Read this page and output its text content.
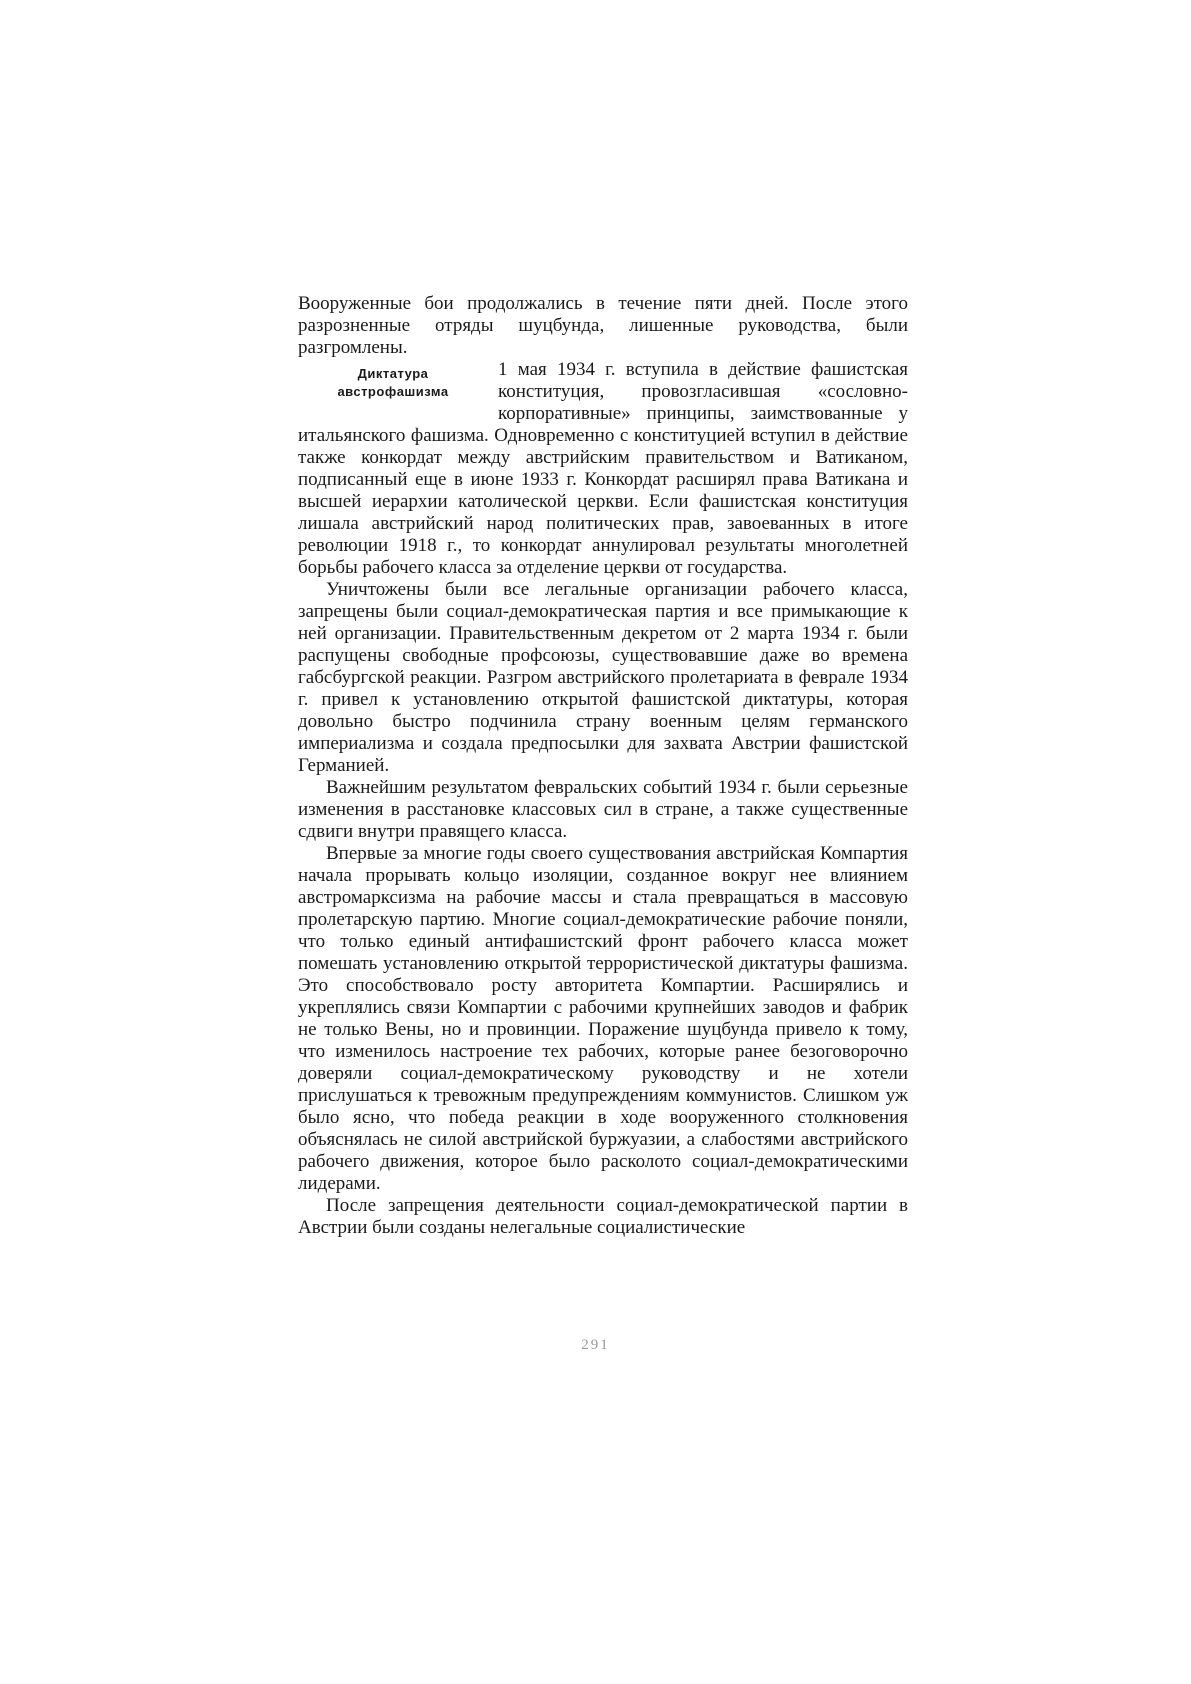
Вооруженные бои продолжались в течение пяти дней. После этого разрозненные отряды шуцбунда, лишенные руководства, были разгромлены.

Диктатура
австрофашизма

1 мая 1934 г. вступила в действие фашистская конституция, провозгласившая «сословно-корпоративные» принципы, заимствованные у итальянского фашизма. Одновременно с конституцией вступил в действие также конкордат между австрийским правительством и Ватиканом, подписанный еще в июне 1933 г. Конкордат расширял права Ватикана и высшей иерархии католической церкви. Если фашистская конституция лишала австрийский народ политических прав, завоеванных в итоге революции 1918 г., то конкордат аннулировал результаты многолетней борьбы рабочего класса за отделение церкви от государства.

Уничтожены были все легальные организации рабочего класса, запрещены были социал-демократическая партия и все примыкающие к ней организации. Правительственным декретом от 2 марта 1934 г. были распущены свободные профсоюзы, существовавшие даже во времена габсбургской реакции. Разгром австрийского пролетариата в феврале 1934 г. привел к установлению открытой фашистской диктатуры, которая довольно быстро подчинила страну военным целям германского империализма и создала предпосылки для захвата Австрии фашистской Германией.

Важнейшим результатом февральских событий 1934 г. были серьезные изменения в расстановке классовых сил в стране, а также существенные сдвиги внутри правящего класса.

Впервые за многие годы своего существования австрийская Компартия начала прорывать кольцо изоляции, созданное вокруг нее влиянием австромарксизма на рабочие массы и стала превращаться в массовую пролетарскую партию. Многие социал-демократические рабочие поняли, что только единый антифашистский фронт рабочего класса может помешать установлению открытой террористической диктатуры фашизма. Это способствовало росту авторитета Компартии. Расширялись и укреплялись связи Компартии с рабочими крупнейших заводов и фабрик не только Вены, но и провинции. Поражение шуцбунда привело к тому, что изменилось настроение тех рабочих, которые ранее безоговорочно доверяли социал-демократическому руководству и не хотели прислушаться к тревожным предупреждениям коммунистов. Слишком уж было ясно, что победа реакции в ходе вооруженного столкновения объяснялась не силой австрийской буржуазии, а слабостями австрийского рабочего движения, которое было расколото социал-демократическими лидерами.

После запрещения деятельности социал-демократической партии в Австрии были созданы нелегальные социалистические

291
